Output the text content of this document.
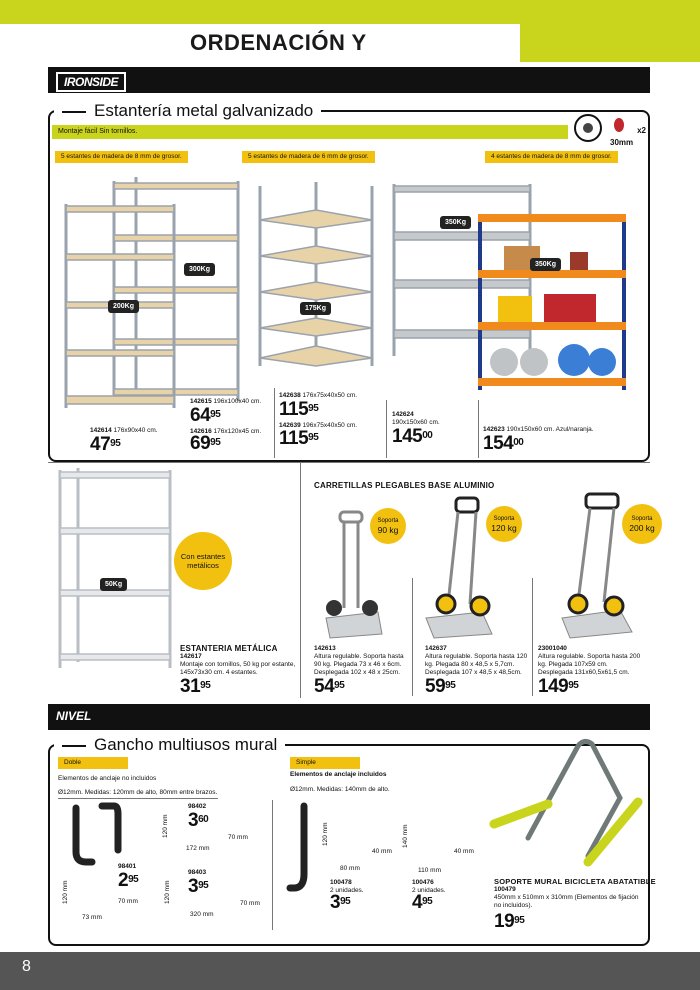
ORDENACIÓN Y
IRONSIDE
Estantería metal galvanizado
Montaje fácil Sin tornillos.	x2
30mm
5 estantes de madera de 8 mm de grosor.	5 estantes de madera de 6 mm de grosor.	4 estantes de madera de 8 mm de grosor.
200Kg
300Kg
175Kg
350Kg
350Kg
142614 176x90x40 cm.
$47^{95}$
142615 196x100x40 cm.
$64^{95}$
142616 176x120x45 cm.
$69^{95}$
142638 176x75x40x50 cm.
$115^{95}$
142639 196x75x40x50 cm.
$115^{95}$
142624
190x150x60 cm.
$145^{00}$
142623 190x150x60 cm. Azul/naranja.
$154^{00}$
50Kg
Con estantes metálicos
ESTANTERIA METÁLICA
142617
Montaje con tornillos, 50 kg por estante, 145x73x30 cm. 4 estantes.
$31^{95}$
CARRETILLAS PLEGABLES BASE ALUMINIO
Soporta
90 kg
Soporta
120 kg
Soporta
200 kg
142613
Altura regulable. Soporta hasta 90 kg. Plegada 73 x 46 x 6cm. Desplegada 102 x 48 x 25cm.
$54^{95}$
142637
Altura regulable. Soporta hasta 120 kg. Plegada 80 x 48,5 x 5,7cm. Desplegada 107 x 48,5 x 48,5cm.
$59^{95}$
23001040
Altura regulable. Soporta hasta 200 kg. Plegada 107x59 cm. Desplegada 131x60,5x61,5 cm.
$149^{95}$
NIVEL
Gancho multiusos mural
Doble
Elementos de anclaje no incluidos
Ø12mm. Medidas: 120mm de alto, 80mm entre brazos.
98402
$3^{60}$
120 mm	70 mm
172 mm
98401
$2^{95}$
120 mm	70 mm
73 mm
98403
$3^{95}$
120 mm	70 mm
320 mm
Simple
Elementos de anclaje incluidos
Ø12mm. Medidas: 140mm de alto.
100478
2 unidades.
$3^{95}$
120 mm
40 mm
80 mm
100476
2 unidades.
$4^{95}$
140 mm
40 mm
110 mm
SOPORTE MURAL BICICLETA ABATATIBLE
100479
450mm x 510mm x 310mm (Elementos de fijación no incluidos).
$19^{95}$
8
